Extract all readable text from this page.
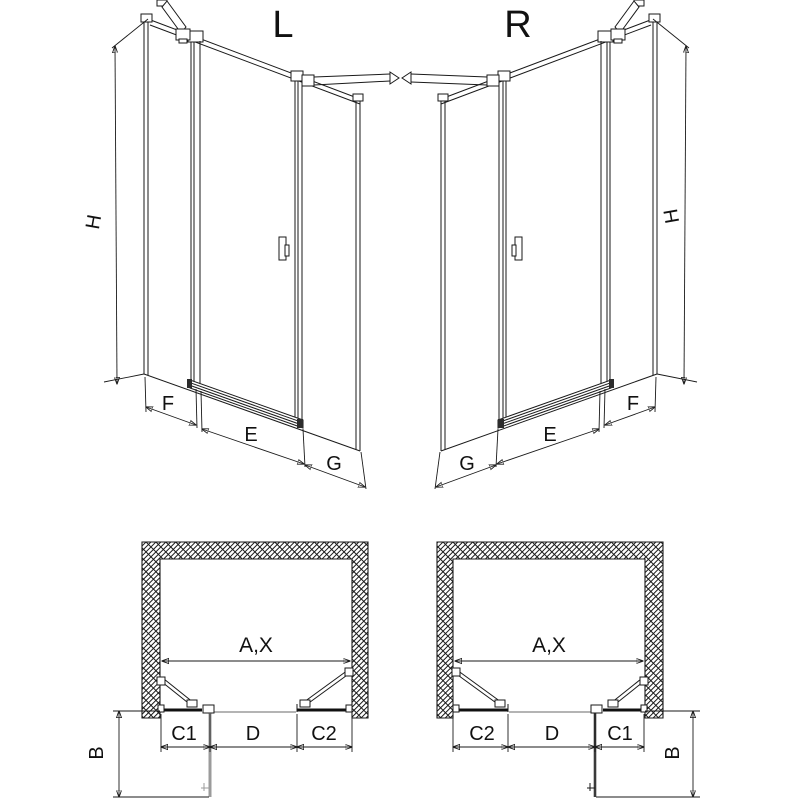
L
H
F
E
G
R
H
F
E
G
A,X
C1 D	C2
B
A,X
C1
D
C2
B
